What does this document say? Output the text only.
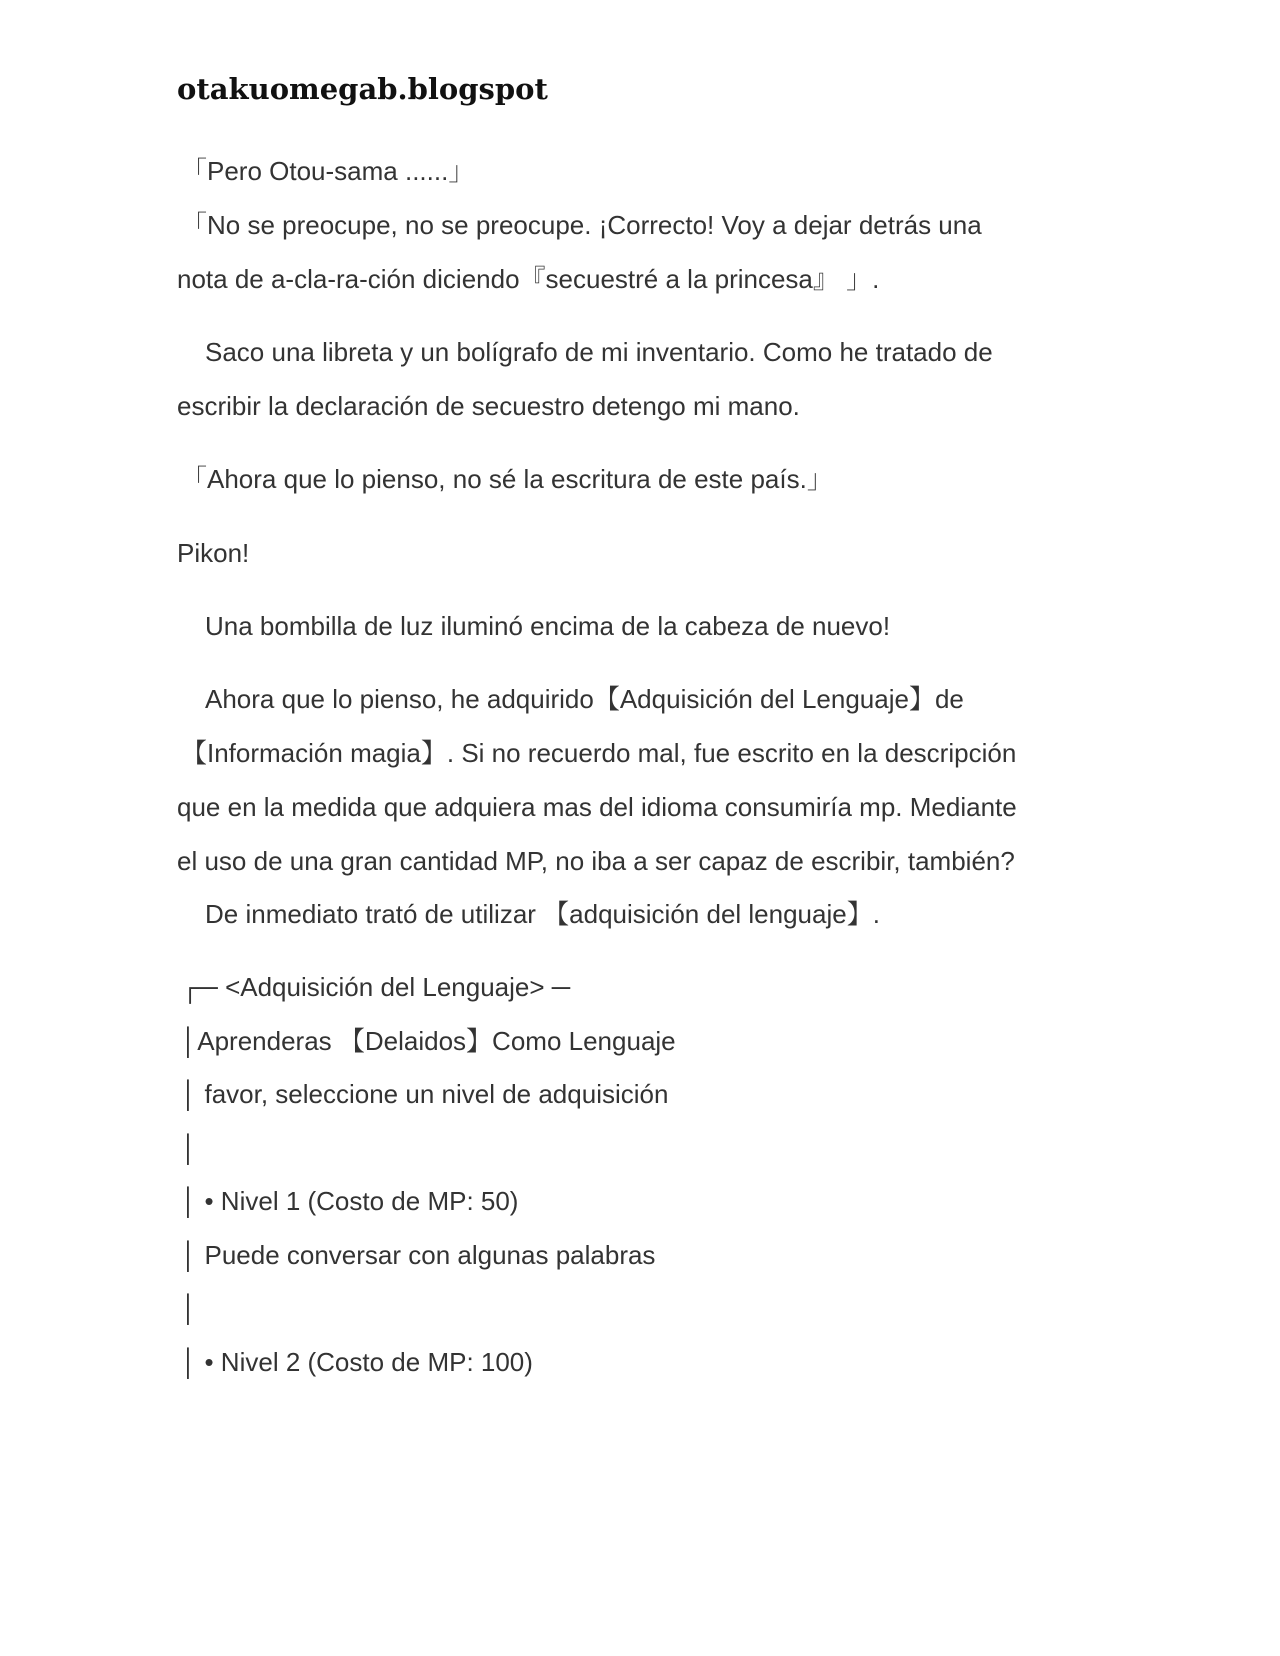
otakuomegab.blogspot
「Pero Otou-sama ......」
「No se preocupe, no se preocupe. ¡Correcto! Voy a dejar detrás una
nota de a-cla-ra-ción diciendo『secuestré a la princesa』 」.
Saco una libreta y un bolígrafo de mi inventario. Como he tratado de
escribir la declaración de secuestro detengo mi mano.
「Ahora que lo pienso, no sé la escritura de este país.」
Pikon!
Una bombilla de luz iluminó encima de la cabeza de nuevo!
Ahora que lo pienso, he adquirido【Adquisición del Lenguaje】de
【Información magia】. Si no recuerdo mal, fue escrito en la descripción
que en la medida que adquiera mas del idioma consumiría mp. Mediante
el uso de una gran cantidad MP, no iba a ser capaz de escribir, también?
De inmediato trató de utilizar 【adquisición del lenguaje】.
┌─ <Adquisición del Lenguaje> ─
│Aprenderas 【Delaidos】Como Lenguaje
│ favor, seleccione un nivel de adquisición
│
│ • Nivel 1 (Costo de MP: 50)
│ Puede conversar con algunas palabras
│
│ • Nivel 2 (Costo de MP: 100)
